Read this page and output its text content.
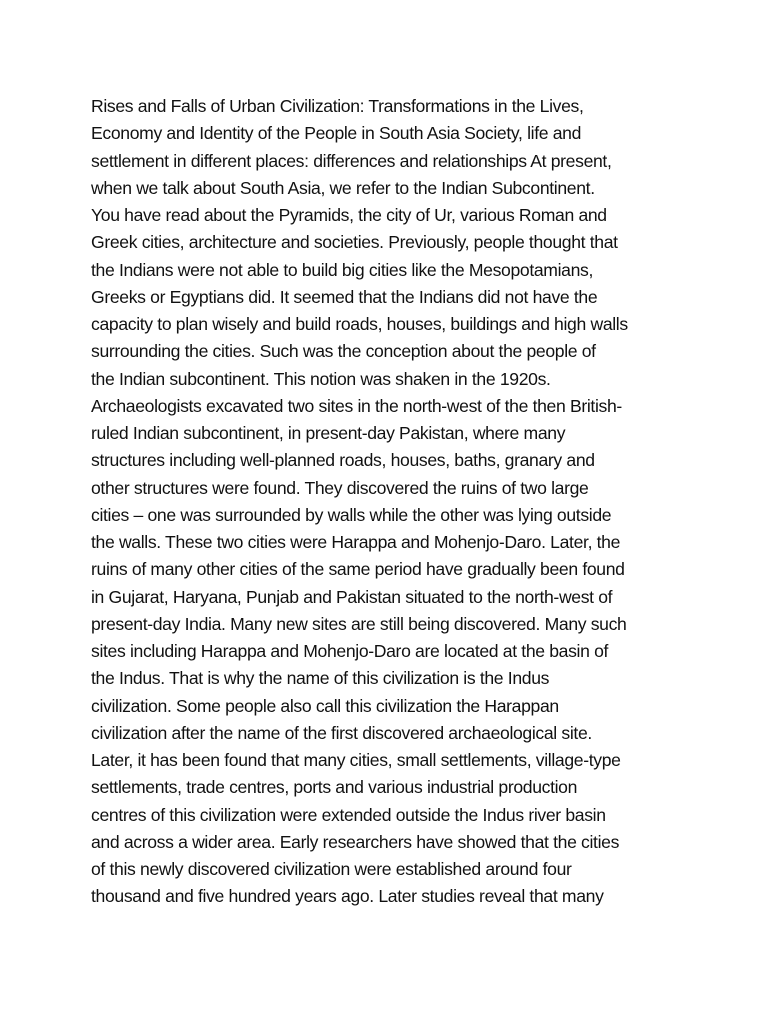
Rises and Falls of Urban Civilization: Transformations in the Lives,
Economy and Identity of the People in South Asia Society, life and
settlement in different places: differences and relationships At present,
when we talk about South Asia, we refer to the Indian Subcontinent.
You have read about the Pyramids, the city of Ur, various Roman and
Greek cities, architecture and societies. Previously, people thought that
the Indians were not able to build big cities like the Mesopotamians,
Greeks or Egyptians did. It seemed that the Indians did not have the
capacity to plan wisely and build roads, houses, buildings and high walls
surrounding the cities. Such was the conception about the people of
the Indian subcontinent. This notion was shaken in the 1920s.
Archaeologists excavated two sites in the north-west of the then British-
ruled Indian subcontinent, in present-day Pakistan, where many
structures including well-planned roads, houses, baths, granary and
other structures were found. They discovered the ruins of two large
cities – one was surrounded by walls while the other was lying outside
the walls. These two cities were Harappa and Mohenjo-Daro. Later, the
ruins of many other cities of the same period have gradually been found
in Gujarat, Haryana, Punjab and Pakistan situated to the north-west of
present-day India. Many new sites are still being discovered. Many such
sites including Harappa and Mohenjo-Daro are located at the basin of
the Indus. That is why the name of this civilization is the Indus
civilization. Some people also call this civilization the Harappan
civilization after the name of the first discovered archaeological site.
Later, it has been found that many cities, small settlements, village-type
settlements, trade centres, ports and various industrial production
centres of this civilization were extended outside the Indus river basin
and across a wider area. Early researchers have showed that the cities
of this newly discovered civilization were established around four
thousand and five hundred years ago. Later studies reveal that many
